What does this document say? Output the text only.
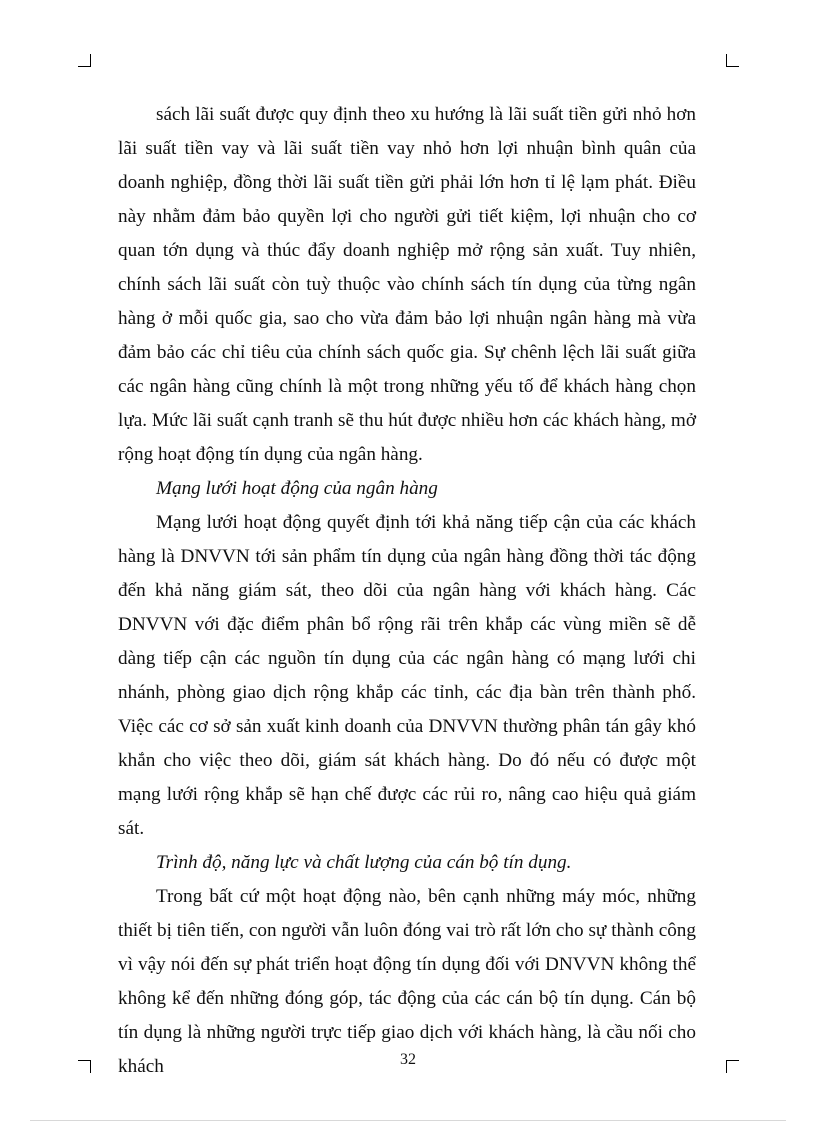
sách lãi suất được quy định theo xu hướng là lãi suất tiền gửi nhỏ hơn lãi suất tiền vay và lãi suất tiền vay nhỏ hơn lợi nhuận bình quân của doanh nghiệp, đồng thời lãi suất tiền gửi phải lớn hơn tỉ lệ lạm phát. Điều này nhằm đảm bảo quyền lợi cho người gửi tiết kiệm, lợi nhuận cho cơ quan tớn dụng và thúc đẩy doanh nghiệp mở rộng sản xuất. Tuy nhiên, chính sách lãi suất còn tuỳ thuộc vào chính sách tín dụng của từng ngân hàng ở mỗi quốc gia, sao cho vừa đảm bảo lợi nhuận ngân hàng mà vừa đảm bảo các chỉ tiêu của chính sách quốc gia. Sự chênh lệch lãi suất giữa các ngân hàng cũng chính là một trong những yếu tố để khách hàng chọn lựa. Mức lãi suất cạnh tranh sẽ thu hút được nhiều hơn các khách hàng, mở rộng hoạt động tín dụng của ngân hàng.

Mạng lưới hoạt động của ngân hàng

Mạng lưới hoạt động quyết định tới khả năng tiếp cận của các khách hàng là DNVVN tới sản phẩm tín dụng của ngân hàng đồng thời tác động đến khả năng giám sát, theo dõi của ngân hàng với khách hàng. Các DNVVN với đặc điểm phân bổ rộng rãi trên khắp các vùng miền sẽ dễ dàng tiếp cận các nguồn tín dụng của các ngân hàng có mạng lưới chi nhánh, phòng giao dịch rộng khắp các tỉnh, các địa bàn trên thành phố. Việc các cơ sở sản xuất kinh doanh của DNVVN thường phân tán gây khó khắn cho việc theo dõi, giám sát khách hàng. Do đó nếu có được một mạng lưới rộng khắp sẽ hạn chế được các rủi ro, nâng cao hiệu quả giám sát.

Trình độ, năng lực và chất lượng của cán bộ tín dụng.

Trong bất cứ một hoạt động nào, bên cạnh những máy móc, những thiết bị tiên tiến, con người vẫn luôn đóng vai trò rất lớn cho sự thành công vì vậy nói đến sự phát triển hoạt động tín dụng đối với DNVVN không thể không kể đến những đóng góp, tác động của các cán bộ tín dụng. Cán bộ tín dụng là những người trực tiếp giao dịch với khách hàng, là cầu nối cho khách	32
